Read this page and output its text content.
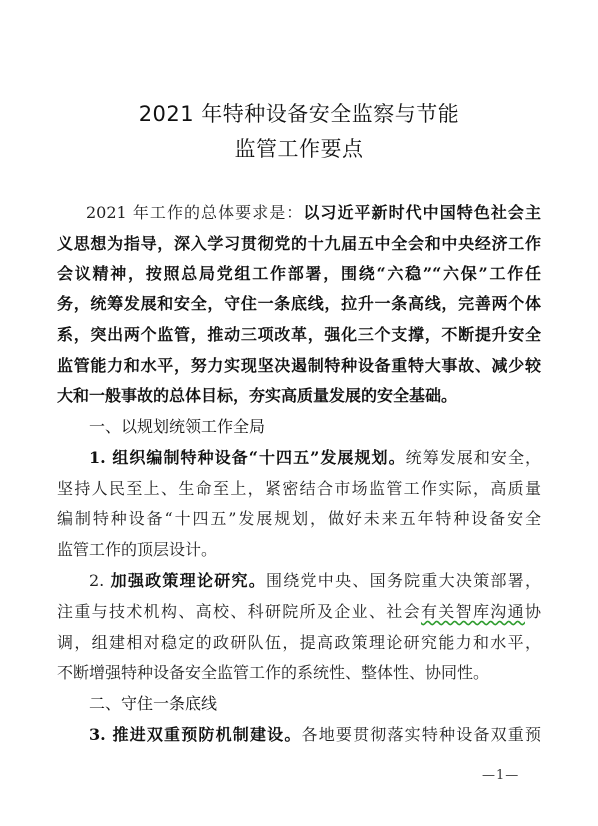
2021 年特种设备安全监察与节能
监管工作要点
2021 年工作的总体要求是：以习近平新时代中国特色社会主
义思想为指导，深入学习贯彻党的十九届五中全会和中央经济工作
会议精神，按照总局党组工作部署，围绕“六稳”“六保”工作任
务，统筹发展和安全，守住一条底线，拉升一条高线，完善两个体
系，突出两个监管，推动三项改革，强化三个支撑，不断提升安全
监管能力和水平，努力实现坚决遏制特种设备重特大事故、减少较
大和一般事故的总体目标，夯实高质量发展的安全基础。
一、以规划统领工作全局
1. 组织编制特种设备“十四五”发展规划。统筹发展和安全，
坚持人民至上、生命至上，紧密结合市场监管工作实际，高质量
编制特种设备“十四五”发展规划，做好未来五年特种设备安全
监管工作的顶层设计。
2. 加强政策理论研究。围绕党中央、国务院重大决策部署，
注重与技术机构、高校、科研院所及企业、社会有关智库沟通协
调，组建相对稳定的政研队伍，提高政策理论研究能力和水平，
不断增强特种设备安全监管工作的系统性、整体性、协同性。
二、守住一条底线
3. 推进双重预防机制建设。各地要贯彻落实特种设备双重预
—1—
